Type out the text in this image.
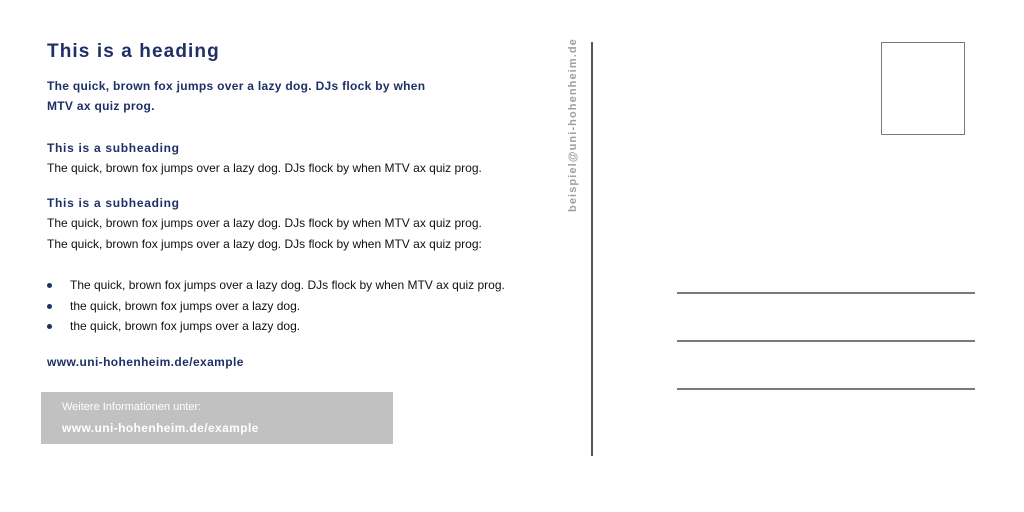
This is a heading
The quick, brown fox jumps over a lazy dog. DJs flock by when
MTV ax quiz prog.
This is a subheading
The quick, brown fox jumps over a lazy dog. DJs flock by when MTV ax quiz prog.
This is a subheading
The quick, brown fox jumps over a lazy dog. DJs flock by when MTV ax quiz prog.
The quick, brown fox jumps over a lazy dog. DJs flock by when MTV ax quiz prog:
The quick, brown fox jumps over a lazy dog. DJs flock by when MTV ax quiz prog.
the quick, brown fox jumps over a lazy dog.
the quick, brown fox jumps over a lazy dog.
www.uni-hohenheim.de/example
Weitere Informationen unter:
www.uni-hohenheim.de/example
beispiel@uni-hohenheim.de
